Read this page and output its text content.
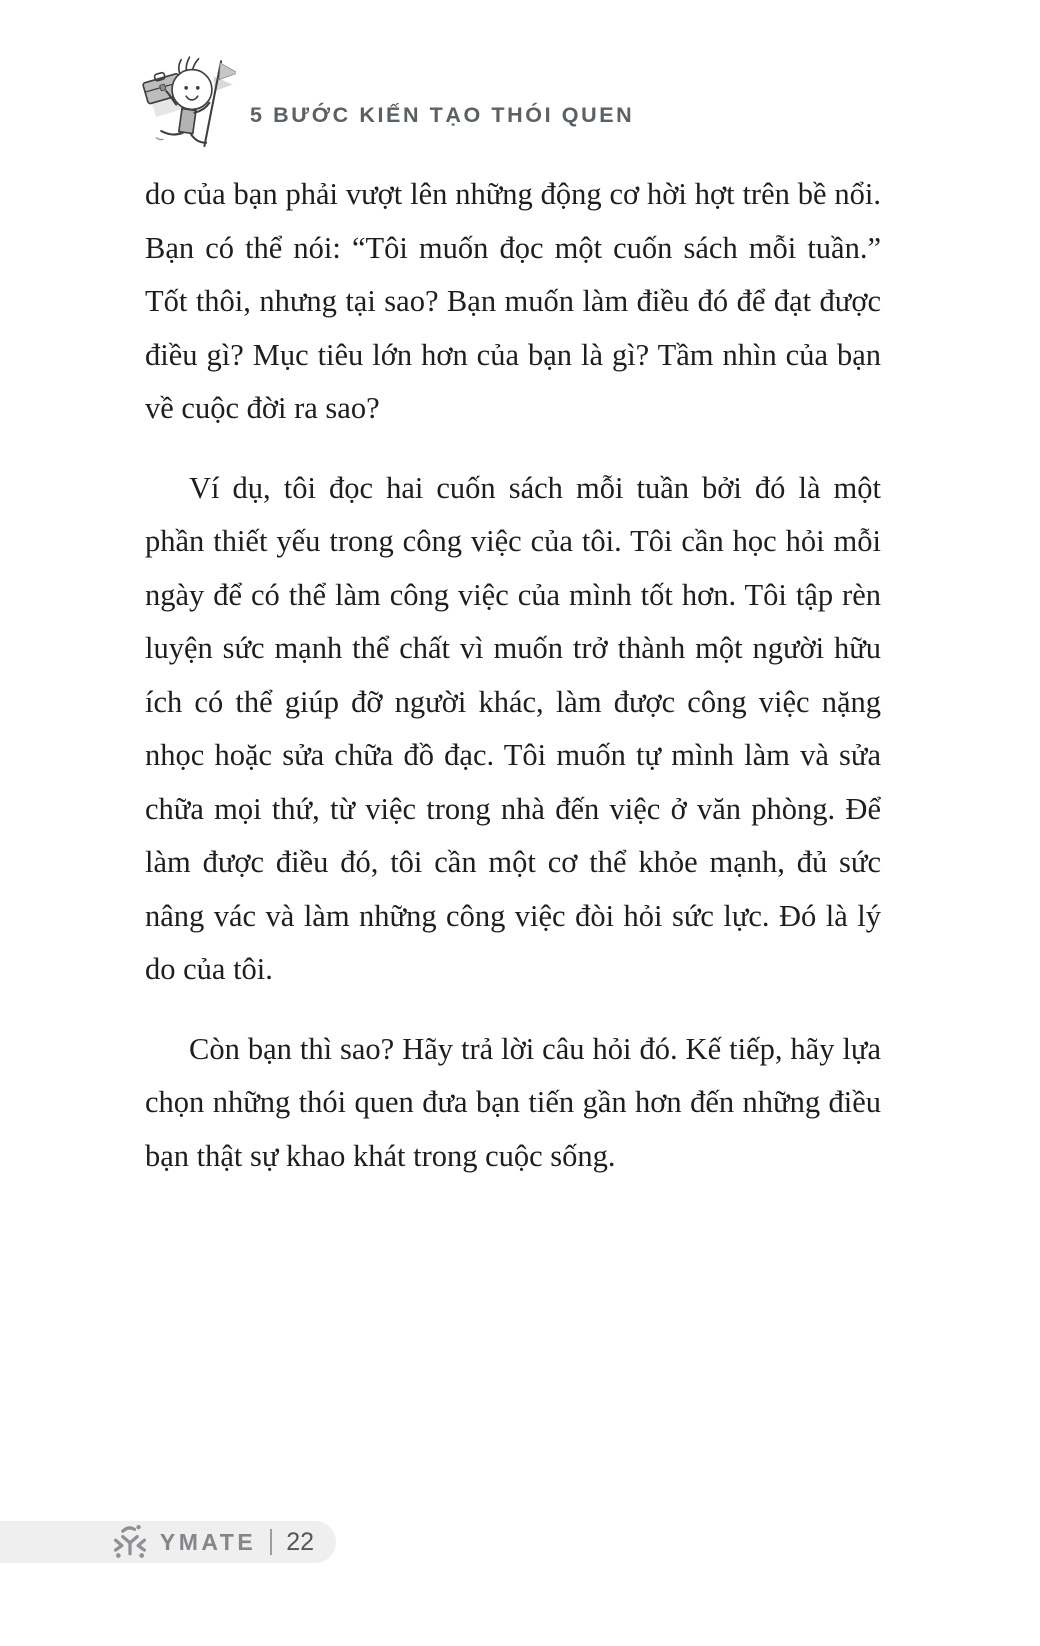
5 BƯỚC KIẾN TẠO THÓI QUEN

do của bạn phải vượt lên những động cơ hời hợt trên bề nổi. Bạn có thể nói: “Tôi muốn đọc một cuốn sách mỗi tuần.” Tốt thôi, nhưng tại sao? Bạn muốn làm điều đó để đạt được điều gì? Mục tiêu lớn hơn của bạn là gì? Tầm nhìn của bạn về cuộc đời ra sao?

Ví dụ, tôi đọc hai cuốn sách mỗi tuần bởi đó là một phần thiết yếu trong công việc của tôi. Tôi cần học hỏi mỗi ngày để có thể làm công việc của mình tốt hơn. Tôi tập rèn luyện sức mạnh thể chất vì muốn trở thành một người hữu ích có thể giúp đỡ người khác, làm được công việc nặng nhọc hoặc sửa chữa đồ đạc. Tôi muốn tự mình làm và sửa chữa mọi thứ, từ việc trong nhà đến việc ở văn phòng. Để làm được điều đó, tôi cần một cơ thể khỏe mạnh, đủ sức nâng vác và làm những công việc đòi hỏi sức lực. Đó là lý do của tôi.

Còn bạn thì sao? Hãy trả lời câu hỏi đó. Kế tiếp, hãy lựa chọn những thói quen đưa bạn tiến gần hơn đến những điều bạn thật sự khao khát trong cuộc sống.

YMATE 22
